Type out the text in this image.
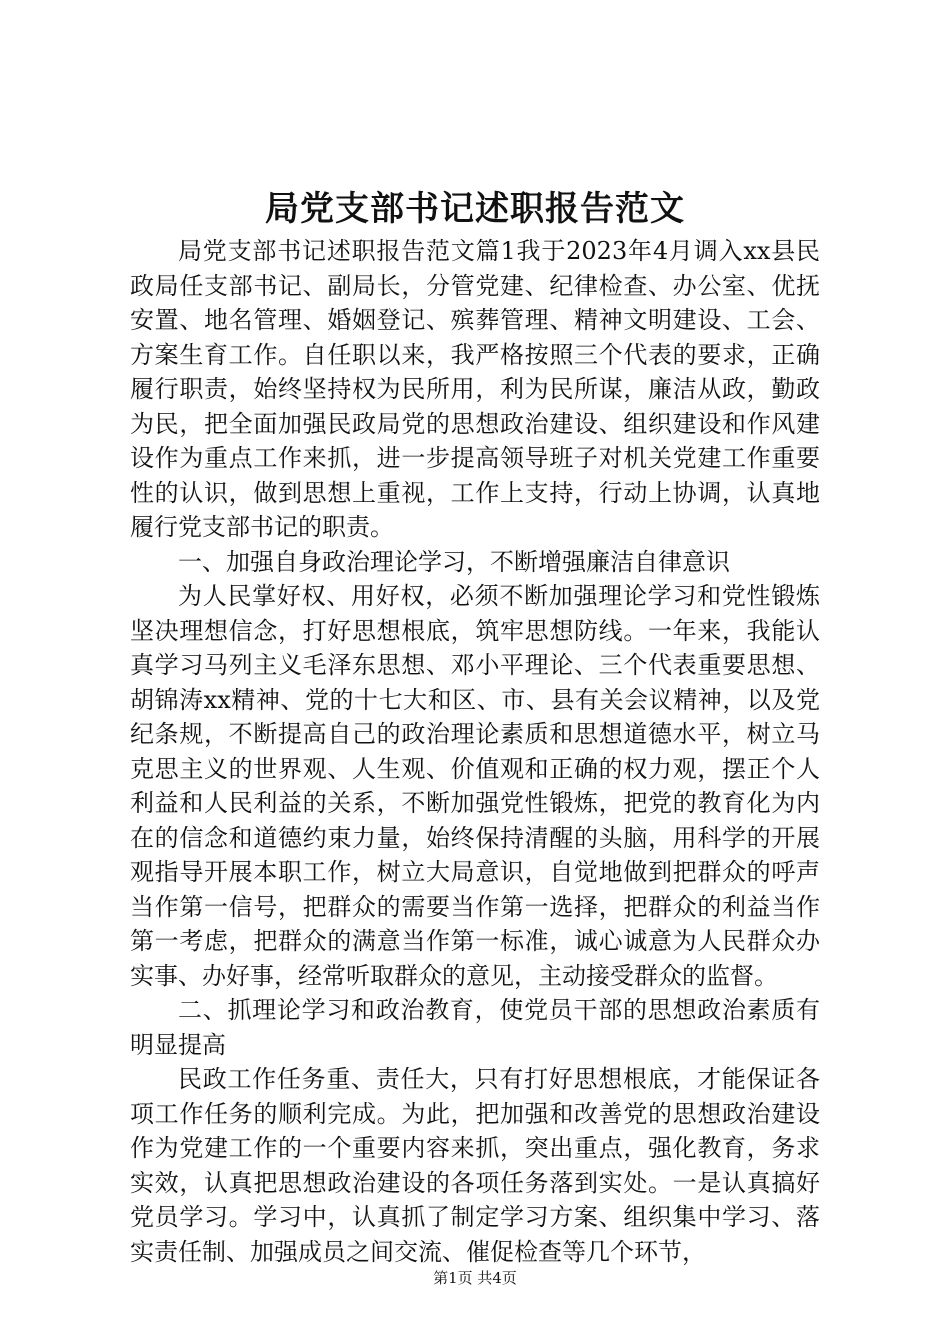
局党支部书记述职报告范文

局党支部书记述职报告范文篇1我于2023年4月调入xx县民政局任支部书记、副局长，分管党建、纪律检查、办公室、优抚安置、地名管理、婚姻登记、殡葬管理、精神文明建设、工会、方案生育工作。自任职以来，我严格按照三个代表的要求，正确履行职责，始终坚持权为民所用，利为民所谋，廉洁从政，勤政为民，把全面加强民政局党的思想政治建设、组织建设和作风建设作为重点工作来抓，进一步提高领导班子对机关党建工作重要性的认识，做到思想上重视，工作上支持，行动上协调，认真地履行党支部书记的职责。

一、加强自身政治理论学习，不断增强廉洁自律意识

为人民掌好权、用好权，必须不断加强理论学习和党性锻炼坚决理想信念，打好思想根底，筑牢思想防线。一年来，我能认真学习马列主义毛泽东思想、邓小平理论、三个代表重要思想、胡锦涛xx精神、党的十七大和区、市、县有关会议精神，以及党纪条规，不断提高自己的政治理论素质和思想道德水平，树立马克思主义的世界观、人生观、价值观和正确的权力观，摆正个人利益和人民利益的关系，不断加强党性锻炼，把党的教育化为内在的信念和道德约束力量，始终保持清醒的头脑，用科学的开展观指导开展本职工作，树立大局意识，自觉地做到把群众的呼声当作第一信号，把群众的需要当作第一选择，把群众的利益当作第一考虑，把群众的满意当作第一标准，诚心诚意为人民群众办实事、办好事，经常听取群众的意见，主动接受群众的监督。

二、抓理论学习和政治教育，使党员干部的思想政治素质有明显提高

民政工作任务重、责任大，只有打好思想根底，才能保证各项工作任务的顺利完成。为此，把加强和改善党的思想政治建设作为党建工作的一个重要内容来抓，突出重点，强化教育，务求实效，认真把思想政治建设的各项任务落到实处。一是认真搞好党员学习。学习中，认真抓了制定学习方案、组织集中学习、落实责任制、加强成员之间交流、催促检查等几个环节，

第1页 共4页
